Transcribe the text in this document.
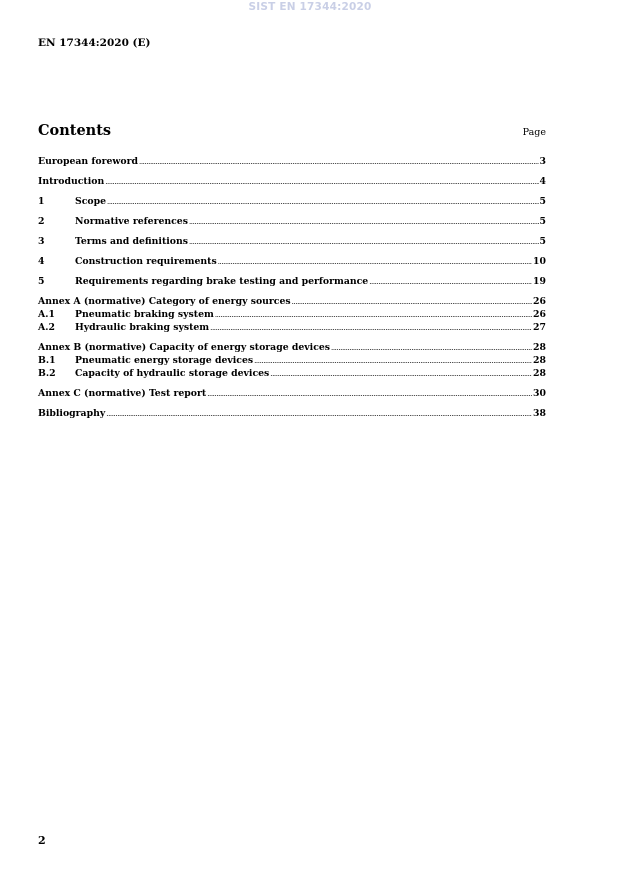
SIST EN 17344:2020
EN 17344:2020 (E)
Contents	Page
European foreword .....	3
Introduction .....	4
1	Scope .....	5
2	Normative references .....	5
3	Terms and definitions .....	5
4	Construction requirements .....	10
5	Requirements regarding brake testing and performance .....	19
Annex A (normative) Category of energy sources .....	26
A.1	Pneumatic braking system .....	26
A.2	Hydraulic braking system .....	27
Annex B (normative) Capacity of energy storage devices .....	28
B.1	Pneumatic energy storage devices .....	28
B.2	Capacity of hydraulic storage devices .....	28
Annex C (normative) Test report .....	30
Bibliography .....	38
2
